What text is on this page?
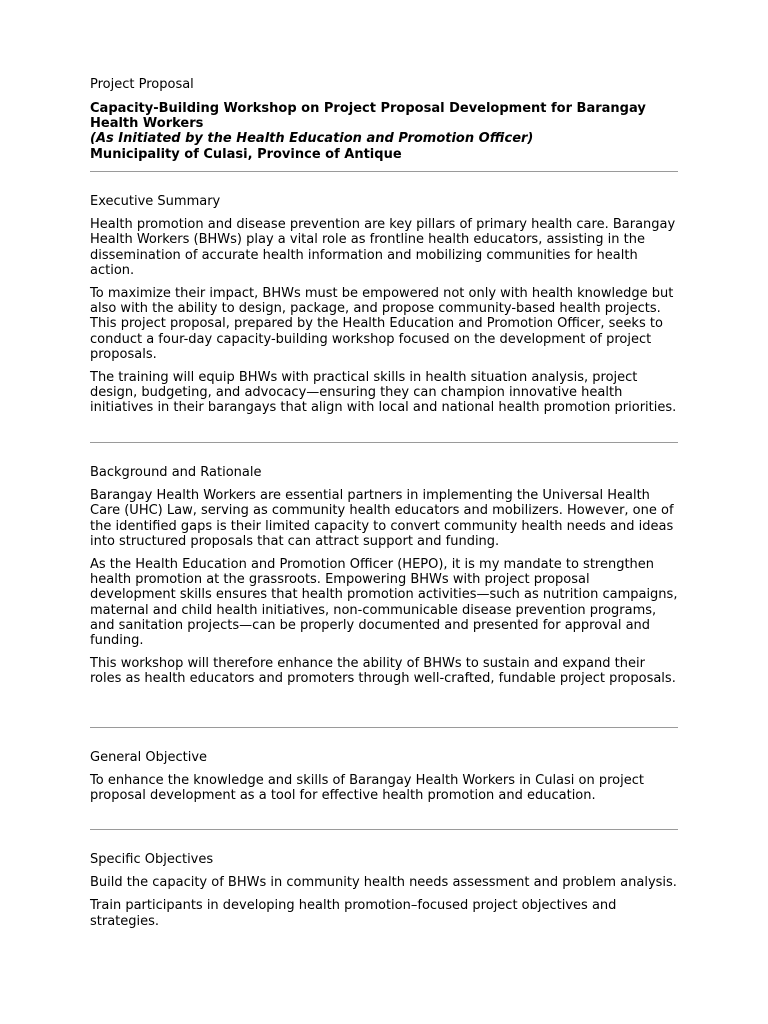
Project Proposal

Capacity-Building Workshop on Project Proposal Development for Barangay Health Workers

(As Initiated by the Health Education and Promotion Officer)

Municipality of Culasi, Province of Antique

Executive Summary

Health promotion and disease prevention are key pillars of primary health care. Barangay Health Workers (BHWs) play a vital role as frontline health educators, assisting in the dissemination of accurate health information and mobilizing communities for health action.

To maximize their impact, BHWs must be empowered not only with health knowledge but also with the ability to design, package, and propose community-based health projects. This project proposal, prepared by the Health Education and Promotion Officer, seeks to conduct a four-day capacity-building workshop focused on the development of project proposals.

The training will equip BHWs with practical skills in health situation analysis, project design, budgeting, and advocacy—ensuring they can champion innovative health initiatives in their barangays that align with local and national health promotion priorities.

Background and Rationale

Barangay Health Workers are essential partners in implementing the Universal Health Care (UHC) Law, serving as community health educators and mobilizers. However, one of the identified gaps is their limited capacity to convert community health needs and ideas into structured proposals that can attract support and funding.

As the Health Education and Promotion Officer (HEPO), it is my mandate to strengthen health promotion at the grassroots. Empowering BHWs with project proposal development skills ensures that health promotion activities—such as nutrition campaigns, maternal and child health initiatives, non-communicable disease prevention programs, and sanitation projects—can be properly documented and presented for approval and funding.

This workshop will therefore enhance the ability of BHWs to sustain and expand their roles as health educators and promoters through well-crafted, fundable project proposals.

General Objective

To enhance the knowledge and skills of Barangay Health Workers in Culasi on project proposal development as a tool for effective health promotion and education.

Specific Objectives

Build the capacity of BHWs in community health needs assessment and problem analysis.

Train participants in developing health promotion–focused project objectives and strategies.
